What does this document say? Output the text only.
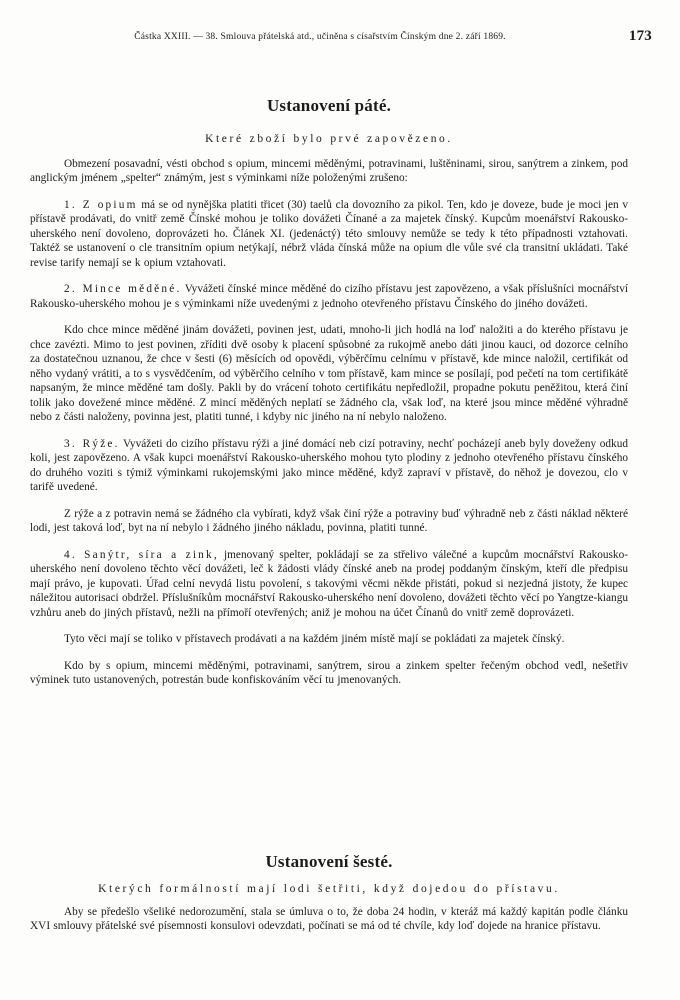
Částka XXIII. — 38. Smlouva přátelská atd., učiněna s císařstvím Čínským dne 2. září 1869.	173
Ustanovení páté.

Které zboží bylo prvé zapovězeno.

Obmezení posavadní, vésti obchod s opium, mincemi měděnými, potravinami, luštěninami, sirou, sanýtrem a zinkem, pod anglickým jménem „spelter“ známým, jest s výminkami níže položenými zrušeno:

1. Z opium má se od nynějška platiti třicet (30) taelů cla dovozního za pikol. Ten, kdo je doveze, bude je moci jen v přístavě prodávati, do vnitř země Čínské mohou je toliko dovážeti Čínané a za majetek čínský. Kupcům moenářství Rakousko-uherského není dovoleno, doprovázeti ho. Článek XI. (jedenáctý) této smlouvy nemůže se tedy k této případnosti vztahovati. Taktéž se ustanovení o cle transitním opium netýkají, nébrž vláda čínská může na opium dle vůle své cla transitní ukládati. Také revise tarify nemají se k opium vztahovati.

2. Mince měděné. Vyvážeti čínské mince měděné do cizího přístavu jest zapovězeno, a však příslušníci mocnářství Rakousko-uherského mohou je s výminkami níže uvedenými z jednoho otevřeného přístavu Čínského do jiného dovážeti.

Kdo chce mince měděné jinám dovážeti, povinen jest, udati, mnoho-li jich hodlá na loď naložiti a do kterého přístavu je chce zavézti. Mimo to jest povinen, zříditi dvě osoby k placení spůsobné za rukojmě anebo dáti jinou kauci, od dozorce celního za dostatečnou uznanou, že chce v šesti (6) měsících od opovědi, výběrčímu celnímu v přístavě, kde mince naložil, certifikát od něho vydaný vrátiti, a to s vysvědčením, od výběrčího celního v tom přístavě, kam mince se posílají, pod pečetí na tom certifikátě napsaným, že mince měděné tam došly. Pakli by do vrácení tohoto certifikátu nepředložil, propadne pokutu peněžitou, která činí tolik jako dovežené mince měděné. Z mincí měděných neplatí se žádného cla, však loď, na které jsou mince měděné výhradně nebo z části naloženy, povinna jest, platiti tunné, i kdyby nic jiného na ní nebylo naloženo.

3. Rýže. Vyvážeti do cizího přístavu rýži a jiné domácí neb cizí potraviny, nechť pocházejí aneb byly doveženy odkud koli, jest zapovězeno. A však kupci moenářství Rakousko-uherského mohou tyto plodiny z jednoho otevřeného přístavu čínského do druhého voziti s týmiž výminkami rukojemskými jako mince měděné, když zapraví v přístavě, do něhož je dovezou, clo v tarifě uvedené.

Z rýže a z potravin nemá se žádného cla vybírati, když však činí rýže a potraviny buď výhradně neb z části náklad některé lodi, jest taková loď, byt na ní nebylo i žádného jiného nákladu, povinna, platiti tunné.

4. Sanýtr, síra a zink, jmenovaný spelter, pokládají se za střelivo válečné a kupcům mocnářství Rakousko-uherského není dovoleno těchto věcí dovážeti, leč k žádosti vlády čínské aneb na prodej poddaným čínským, kteří dle předpisu mají právo, je kupovati. Úřad celní nevydá listu povolení, s takovými věcmi někde přistáti, pokud si nezjedná jistoty, že kupec náležitou autorisaci obdržel. Příslušníkům mocnářství Rakousko-uherského není dovoleno, dovážeti těchto věcí po Yangtze-kiangu vzhůru aneb do jiných přístavů, nežli na přímoří otevřených; aniž je mohou na účet Čínanů do vnitř země doprovázeti.

Tyto věci mají se toliko v přístavech prodávati a na každém jiném místě mají se pokládati za majetek čínský.

Kdo by s opium, mincemi měděnými, potravinami, sanýtrem, sirou a zinkem spelter řečeným obchod vedl, nešetřiv výminek tuto ustanovených, potrestán bude konfiskováním věcí tu jmenovaných.

Ustanovení šesté.

Kterých formálností mají lodi šetřiti, když dojedou do přístavu.

Aby se předešlo všeliké nedorozumění, stala se úmluva o to, že doba 24 hodin, v kteráž má každý kapitán podle článku XVI smlouvy přátelské své písemnosti konsulovi odevzdati, počínati se má od té chvíle, kdy loď dojede na hranice přístavu.
